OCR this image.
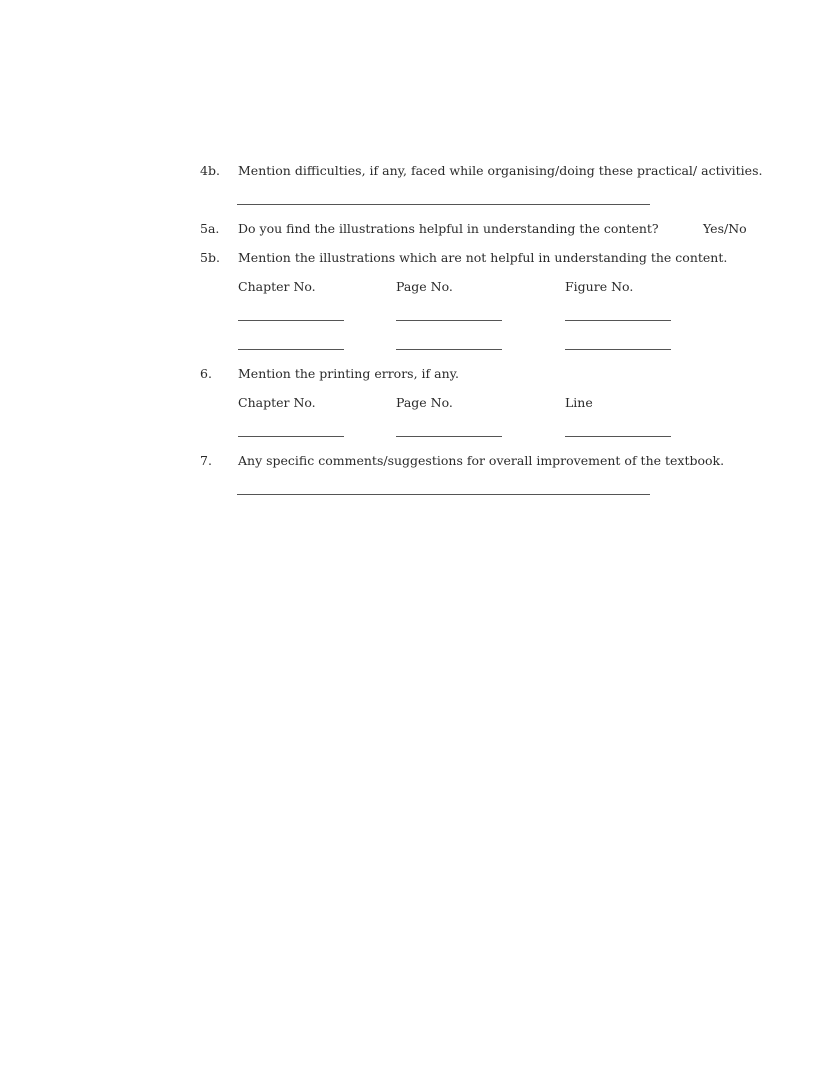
4b. Mention difficulties, if any, faced while organising/doing these practical/ activities.
5a. Do you find the illustrations helpful in understanding the content?	Yes/No
5b. Mention the illustrations which are not helpful in understanding the content.
Chapter No.	Page No.	Figure No.
6. Mention the printing errors, if any.
Chapter No.	Page No.	Line
7. Any specific comments/suggestions for overall improvement of the textbook.
